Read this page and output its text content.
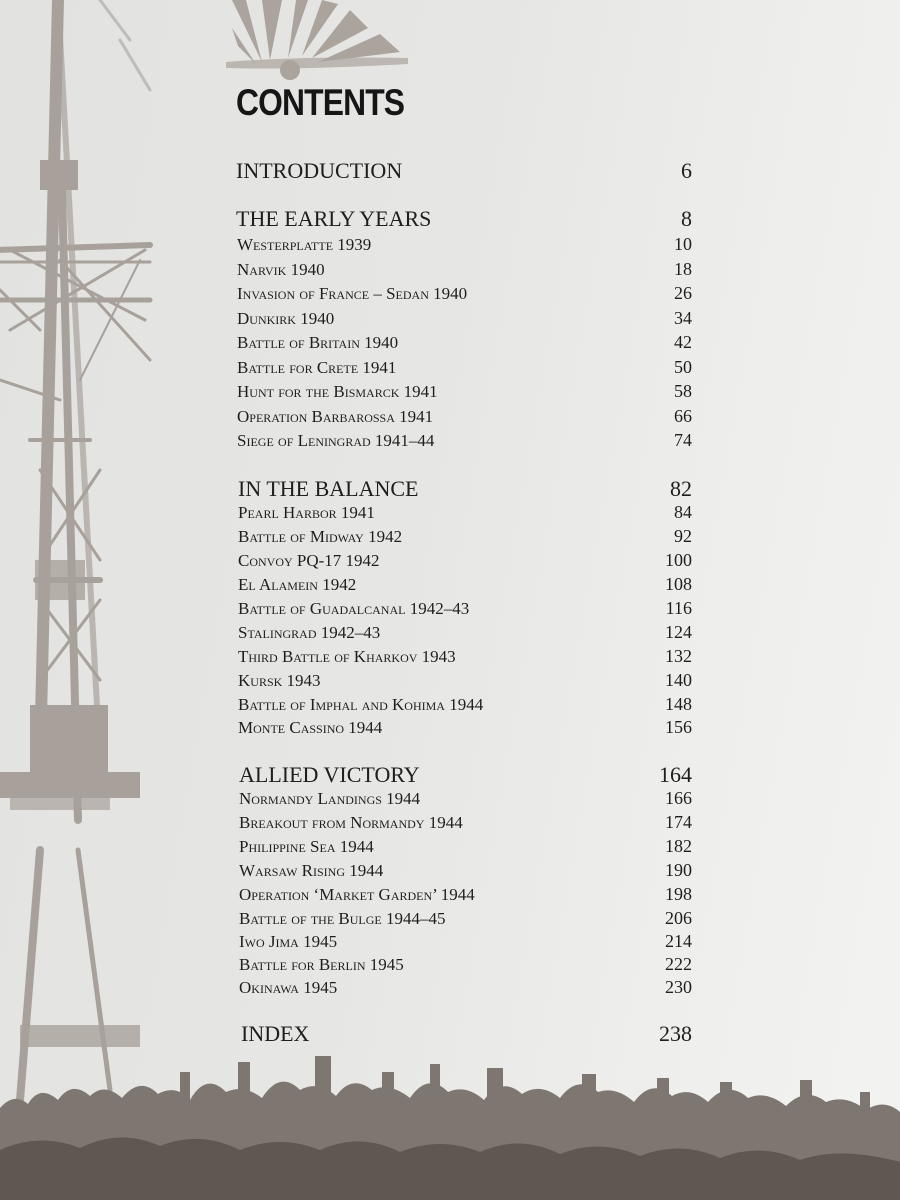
CONTENTS
INTRODUCTION	6
THE EARLY YEARS	8
Westerplatte 1939	10
Narvik 1940	18
Invasion of France – Sedan 1940	26
Dunkirk 1940	34
Battle of Britain 1940	42
Battle for Crete 1941	50
Hunt for the Bismarck 1941	58
Operation Barbarossa 1941	66
Siege of Leningrad 1941–44	74
IN THE BALANCE	82
Pearl Harbor 1941	84
Battle of Midway 1942	92
Convoy PQ-17 1942	100
El Alamein 1942	108
Battle of Guadalcanal 1942–43	116
Stalingrad 1942–43	124
Third Battle of Kharkov 1943	132
Kursk 1943	140
Battle of Imphal and Kohima 1944	148
Monte Cassino 1944	156
ALLIED VICTORY	164
Normandy Landings 1944	166
Breakout from Normandy 1944	174
Philippine Sea 1944	182
Warsaw Rising 1944	190
Operation ‘Market Garden’ 1944	198
Battle of the Bulge 1944–45	206
Iwo Jima 1945	214
Battle for Berlin 1945	222
Okinawa 1945	230
INDEX	238
